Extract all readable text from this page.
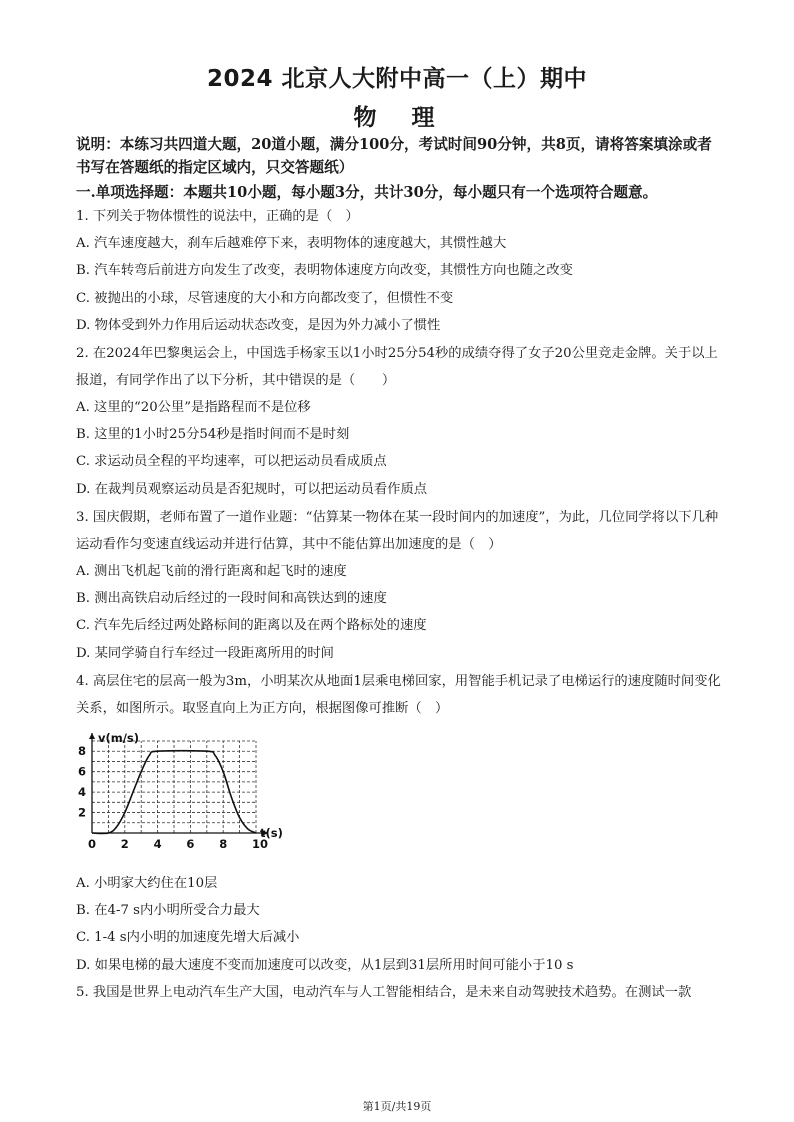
2024 北京人大附中高一（上）期中
物　理
说明：本练习共四道大题，20道小题，满分100分，考试时间90分钟，共8页，请将答案填涂或者书写在答题纸的指定区域内，只交答题纸）
一.单项选择题：本题共10小题，每小题3分，共计30分，每小题只有一个选项符合题意。
1. 下列关于物体惯性的说法中，正确的是（　）
A. 汽车速度越大，刹车后越难停下来，表明物体的速度越大，其惯性越大
B. 汽车转弯后前进方向发生了改变，表明物体速度方向改变，其惯性方向也随之改变
C. 被抛出的小球，尽管速度的大小和方向都改变了，但惯性不变
D. 物体受到外力作用后运动状态改变，是因为外力减小了惯性
2. 在2024年巴黎奥运会上，中国选手杨家玉以1小时25分54秒的成绩夺得了女子20公里竞走金牌。关于以上报道，有同学作出了以下分析，其中错误的是（　　）
A. 这里的“20公里”是指路程而不是位移
B. 这里的1小时25分54秒是指时间而不是时刻
C. 求运动员全程的平均速率，可以把运动员看成质点
D. 在裁判员观察运动员是否犯规时，可以把运动员看作质点
3. 国庆假期，老师布置了一道作业题：“估算某一物体在某一段时间内的加速度”，为此，几位同学将以下几种运动看作匀变速直线运动并进行估算，其中不能估算出加速度的是（　）
A. 测出飞机起飞前的滑行距离和起飞时的速度
B. 测出高铁启动后经过的一段时间和高铁达到的速度
C. 汽车先后经过两处路标间的距离以及在两个路标处的速度
D. 某同学骑自行车经过一段距离所用的时间
4. 高层住宅的层高一般为3m，小明某次从地面1层乘电梯回家，用智能手机记录了电梯运行的速度随时间变化关系，如图所示。取竖直向上为正方向，根据图像可推断（　）
0 2 4 6 8 10
2
4
6
8
v(m/s)
t(s)
A. 小明家大约住在10层
B. 在4-7 s内小明所受合力最大
C. 1-4 s内小明的加速度先增大后减小
D. 如果电梯的最大速度不变而加速度可以改变，从1层到31层所用时间可能小于10 s
5. 我国是世界上电动汽车生产大国，电动汽车与人工智能相结合，是未来自动驾驶技术趋势。在测试一款
第1页/共19页
